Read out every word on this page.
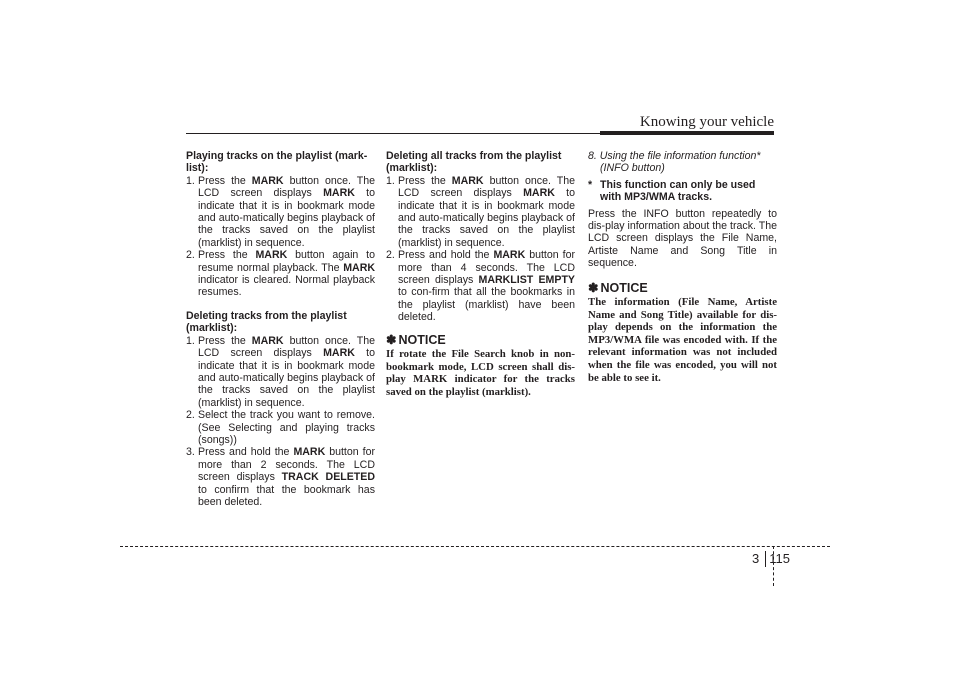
Knowing your vehicle

Playing tracks on the playlist (mark-list):

1. Press the MARK button once. The LCD screen displays MARK to indicate that it is in bookmark mode and auto-matically begins playback of the tracks saved on the playlist (marklist) in sequence.

2. Press the MARK button again to resume normal playback. The MARK indicator is cleared. Normal playback resumes.

Deleting tracks from the playlist (marklist):

1. Press the MARK button once. The LCD screen displays MARK to indicate that it is in bookmark mode and auto-matically begins playback of the tracks saved on the playlist (marklist) in sequence.

2. Select the track you want to remove. (See Selecting and playing tracks (songs))

3. Press and hold the MARK button for more than 2 seconds. The LCD screen displays TRACK DELETED to confirm that the bookmark has been deleted.

Deleting all tracks from the playlist (marklist):

1. Press the MARK button once. The LCD screen displays MARK to indicate that it is in bookmark mode and auto-matically begins playback of the tracks saved on the playlist (marklist) in sequence.

2. Press and hold the MARK button for more than 4 seconds. The LCD screen displays MARKLIST EMPTY to con-firm that all the bookmarks in the playlist (marklist) have been deleted.

✽ NOTICE

If rotate the File Search knob in non-bookmark mode, LCD screen shall dis-play MARK indicator for the tracks saved on the playlist (marklist).

8. Using the file information function*
(INFO button)

* This function can only be used with MP3/WMA tracks.

Press the INFO button repeatedly to dis-play information about the track. The LCD screen displays the File Name, Artiste Name and Song Title in sequence.

✽ NOTICE

The information (File Name, Artiste Name and Song Title) available for dis-play depends on the information the MP3/WMA file was encoded with. If the relevant information was not included when the file was encoded, you will not be able to see it.

3 115
